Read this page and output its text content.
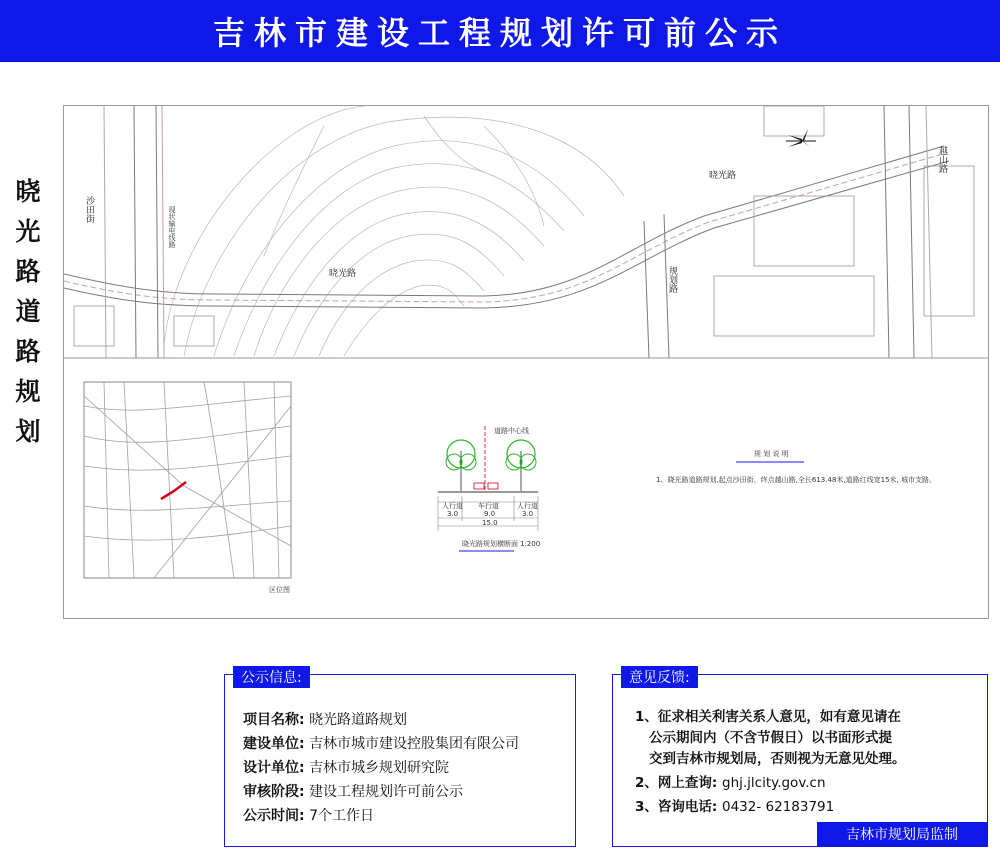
吉林市建设工程规划许可前公示
晓
光
路
道
路
规
划
晓光路
晓光路
沙田街
规划路
越山路
现状输电线路
区位图
道路中心线
人行道 车行道	人行道
3.0	9.0	3.0
15.0
晓光路规划横断面 1:200
规 划 说 明
1、晓光路道路规划,起点沙田街、终点越山路,全长613.48米,道路红线宽15米, 城市支路。
公示信息:
项目名称: 晓光路道路规划
建设单位: 吉林市城市建设控股集团有限公司
设计单位: 吉林市城乡规划研究院
审核阶段: 建设工程规划许可前公示
公示时间: 7个工作日
意见反馈:
1、征求相关利害关系人意见，如有意见请在
公示期间内（不含节假日）以书面形式提
交到吉林市规划局，否则视为无意见处理。
2、网上查询: ghj.jlcity.gov.cn
3、咨询电话: 0432- 62183791
吉林市规划局监制
